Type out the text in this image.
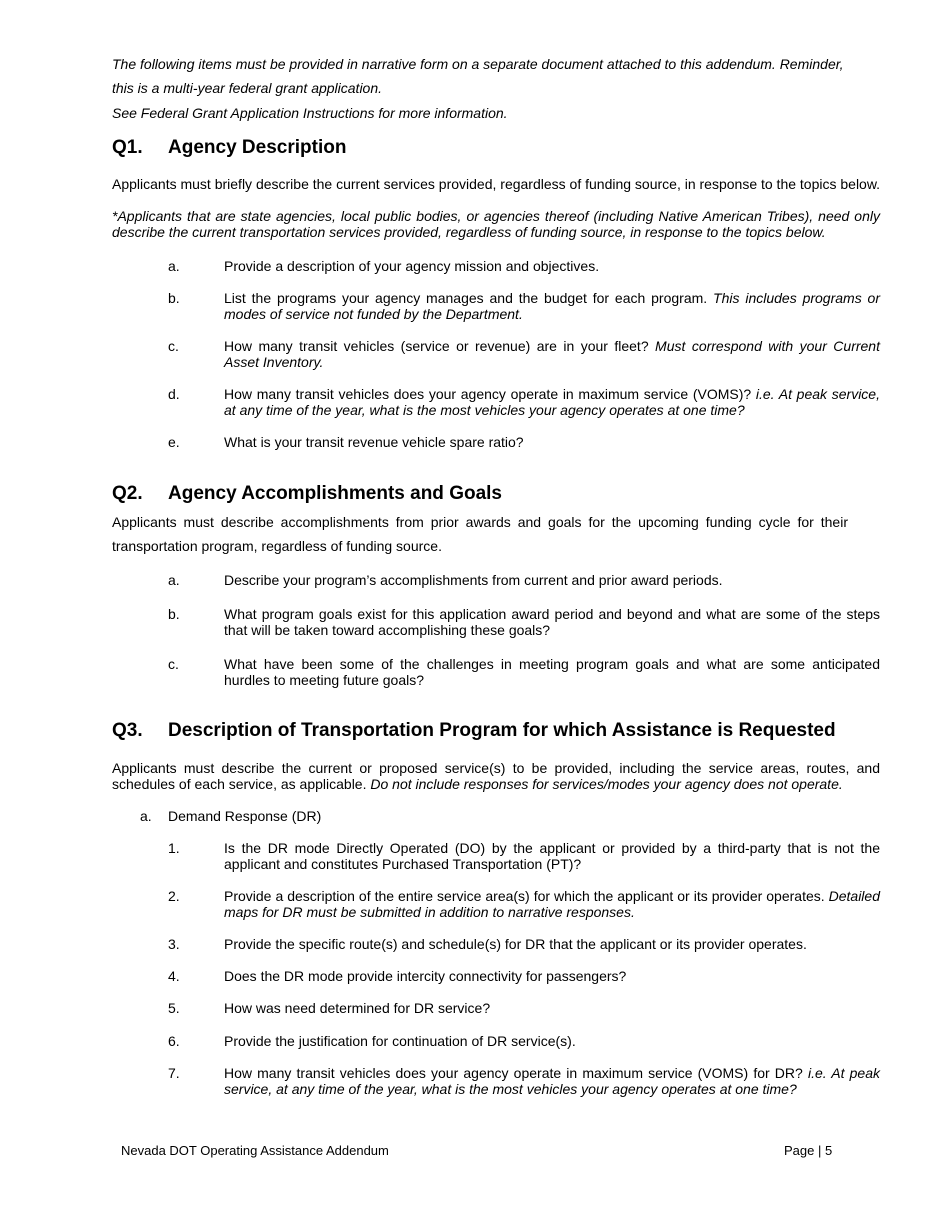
The following items must be provided in narrative form on a separate document attached to this addendum. Reminder,
this is a multi-year federal grant application.
See Federal Grant Application Instructions for more information.
Q1. Agency Description
Applicants must briefly describe the current services provided, regardless of funding source, in response to the topics below.
*Applicants that are state agencies, local public bodies, or agencies thereof (including Native American Tribes), need only describe the current transportation services provided, regardless of funding source, in response to the topics below.
a.	Provide a description of your agency mission and objectives.
b.	List the programs your agency manages and the budget for each program. This includes programs or modes of service not funded by the Department.
c.	How many transit vehicles (service or revenue) are in your fleet? Must correspond with your Current Asset Inventory.
d.	How many transit vehicles does your agency operate in maximum service (VOMS)? i.e. At peak service, at any time of the year, what is the most vehicles your agency operates at one time?
e.	What is your transit revenue vehicle spare ratio?
Q2. Agency Accomplishments and Goals
Applicants must describe accomplishments from prior awards and goals for the upcoming funding cycle for their
transportation program, regardless of funding source.
a.	Describe your program’s accomplishments from current and prior award periods.
b.	What program goals exist for this application award period and beyond and what are some of the steps that will be taken toward accomplishing these goals?
c.	What have been some of the challenges in meeting program goals and what are some anticipated hurdles to meeting future goals?
Q3. Description of Transportation Program for which Assistance is Requested
Applicants must describe the current or proposed service(s) to be provided, including the service areas, routes, and schedules of each service, as applicable. Do not include responses for services/modes your agency does not operate.
a. Demand Response (DR)
1.	Is the DR mode Directly Operated (DO) by the applicant or provided by a third-party that is not the applicant and constitutes Purchased Transportation (PT)?
2.	Provide a description of the entire service area(s) for which the applicant or its provider operates. Detailed maps for DR must be submitted in addition to narrative responses.
3.	Provide the specific route(s) and schedule(s) for DR that the applicant or its provider operates.
4.	Does the DR mode provide intercity connectivity for passengers?
5.	How was need determined for DR service?
6.	Provide the justification for continuation of DR service(s).
7.	How many transit vehicles does your agency operate in maximum service (VOMS) for DR? i.e. At peak service, at any time of the year, what is the most vehicles your agency operates at one time?
Nevada DOT Operating Assistance Addendum	Page | 5
